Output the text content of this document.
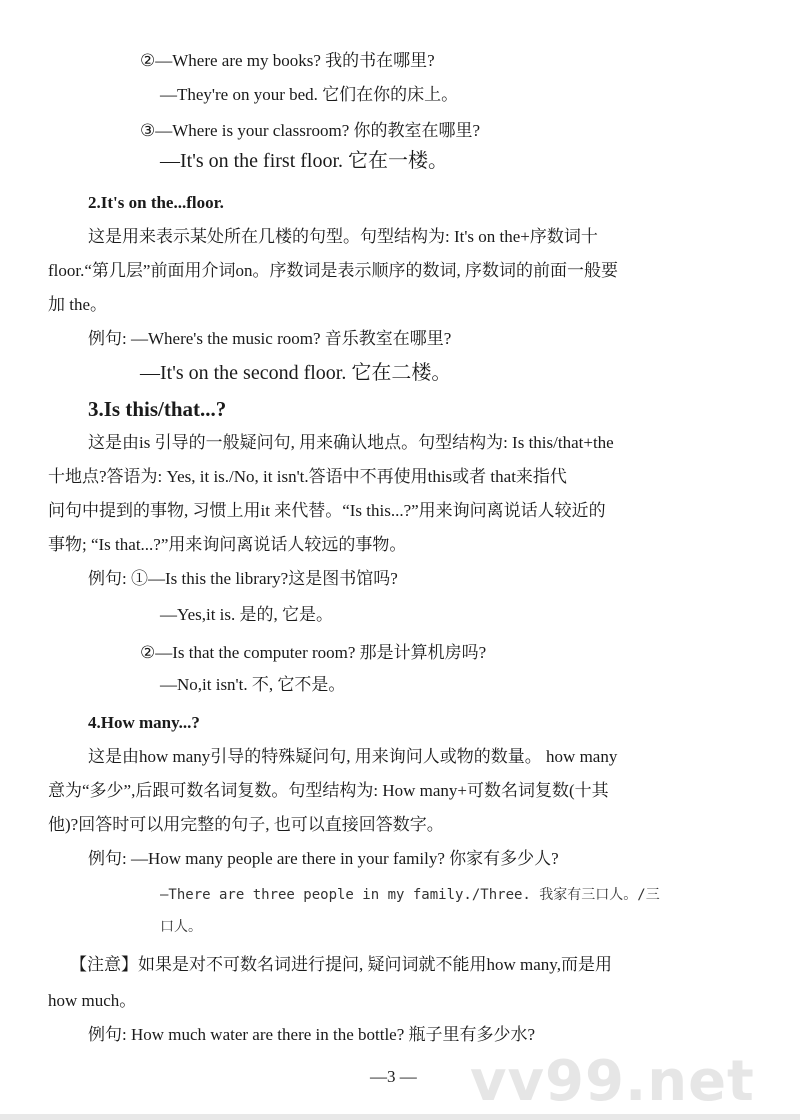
②—Where are my books? 我的书在哪里?
—They're on your bed. 它们在你的床上。
③—Where is your classroom? 你的教室在哪里?
—It's on the first floor. 它在一楼。
2.It's on the...floor.
这是用来表示某处所在几楼的句型。句型结构为: It's on the+序数词十
floor.“第几层”前面用介词on。序数词是表示顺序的数词, 序数词的前面一般要
加 the。
例句: —Where's the music room? 音乐教室在哪里?
—It's on the second floor. 它在二楼。
3.Is this/that...?
这是由is 引导的一般疑问句, 用来确认地点。句型结构为: Is this/that+the
十地点?答语为: Yes, it is./No, it isn't.答语中不再使用this或者 that来指代
问句中提到的事物, 习惯上用it 来代替。“Is this...?”用来询问离说话人较近的
事物; “Is that...?”用来询问离说话人较远的事物。
例句: ①—Is this the library?这是图书馆吗?
—Yes,it is. 是的, 它是。
②—Is that the computer room? 那是计算机房吗?
—No,it isn't. 不, 它不是。
4.How many...?
这是由how many引导的特殊疑问句, 用来询问人或物的数量。 how many
意为“多少”,后跟可数名词复数。句型结构为: How many+可数名词复数(十其
他)?回答时可以用完整的句子, 也可以直接回答数字。
例句: —How many people are there in your family? 你家有多少人?
—There are three people in my family./Three. 我家有三口人。/三
口人。
【注意】如果是对不可数名词进行提问, 疑问词就不能用how many,而是用
how much。
例句: How much water are there in the bottle? 瓶子里有多少水?
—3 — vv99.net
